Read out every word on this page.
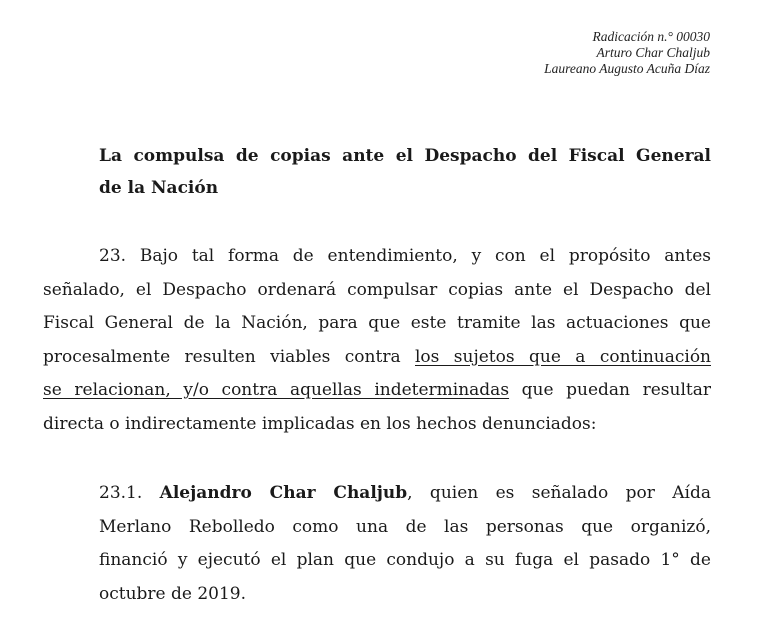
Radicación n.° 00030
Arturo Char Chaljub
Laureano Augusto Acuña Díaz
La compulsa de copias ante el Despacho del Fiscal General
de la Nación
23. Bajo tal forma de entendimiento, y con el propósito antes
señalado, el Despacho ordenará compulsar copias ante el Despacho del
Fiscal General de la Nación, para que este tramite las actuaciones que
procesalmente resulten viables contra los sujetos que a continuación
se relacionan, y/o contra aquellas indeterminadas que puedan resultar
directa o indirectamente implicadas en los hechos denunciados:
23.1. Alejandro Char Chaljub, quien es señalado por Aída
Merlano Rebolledo como una de las personas que organizó,
financió y ejecutó el plan que condujo a su fuga el pasado 1° de
octubre de 2019.
